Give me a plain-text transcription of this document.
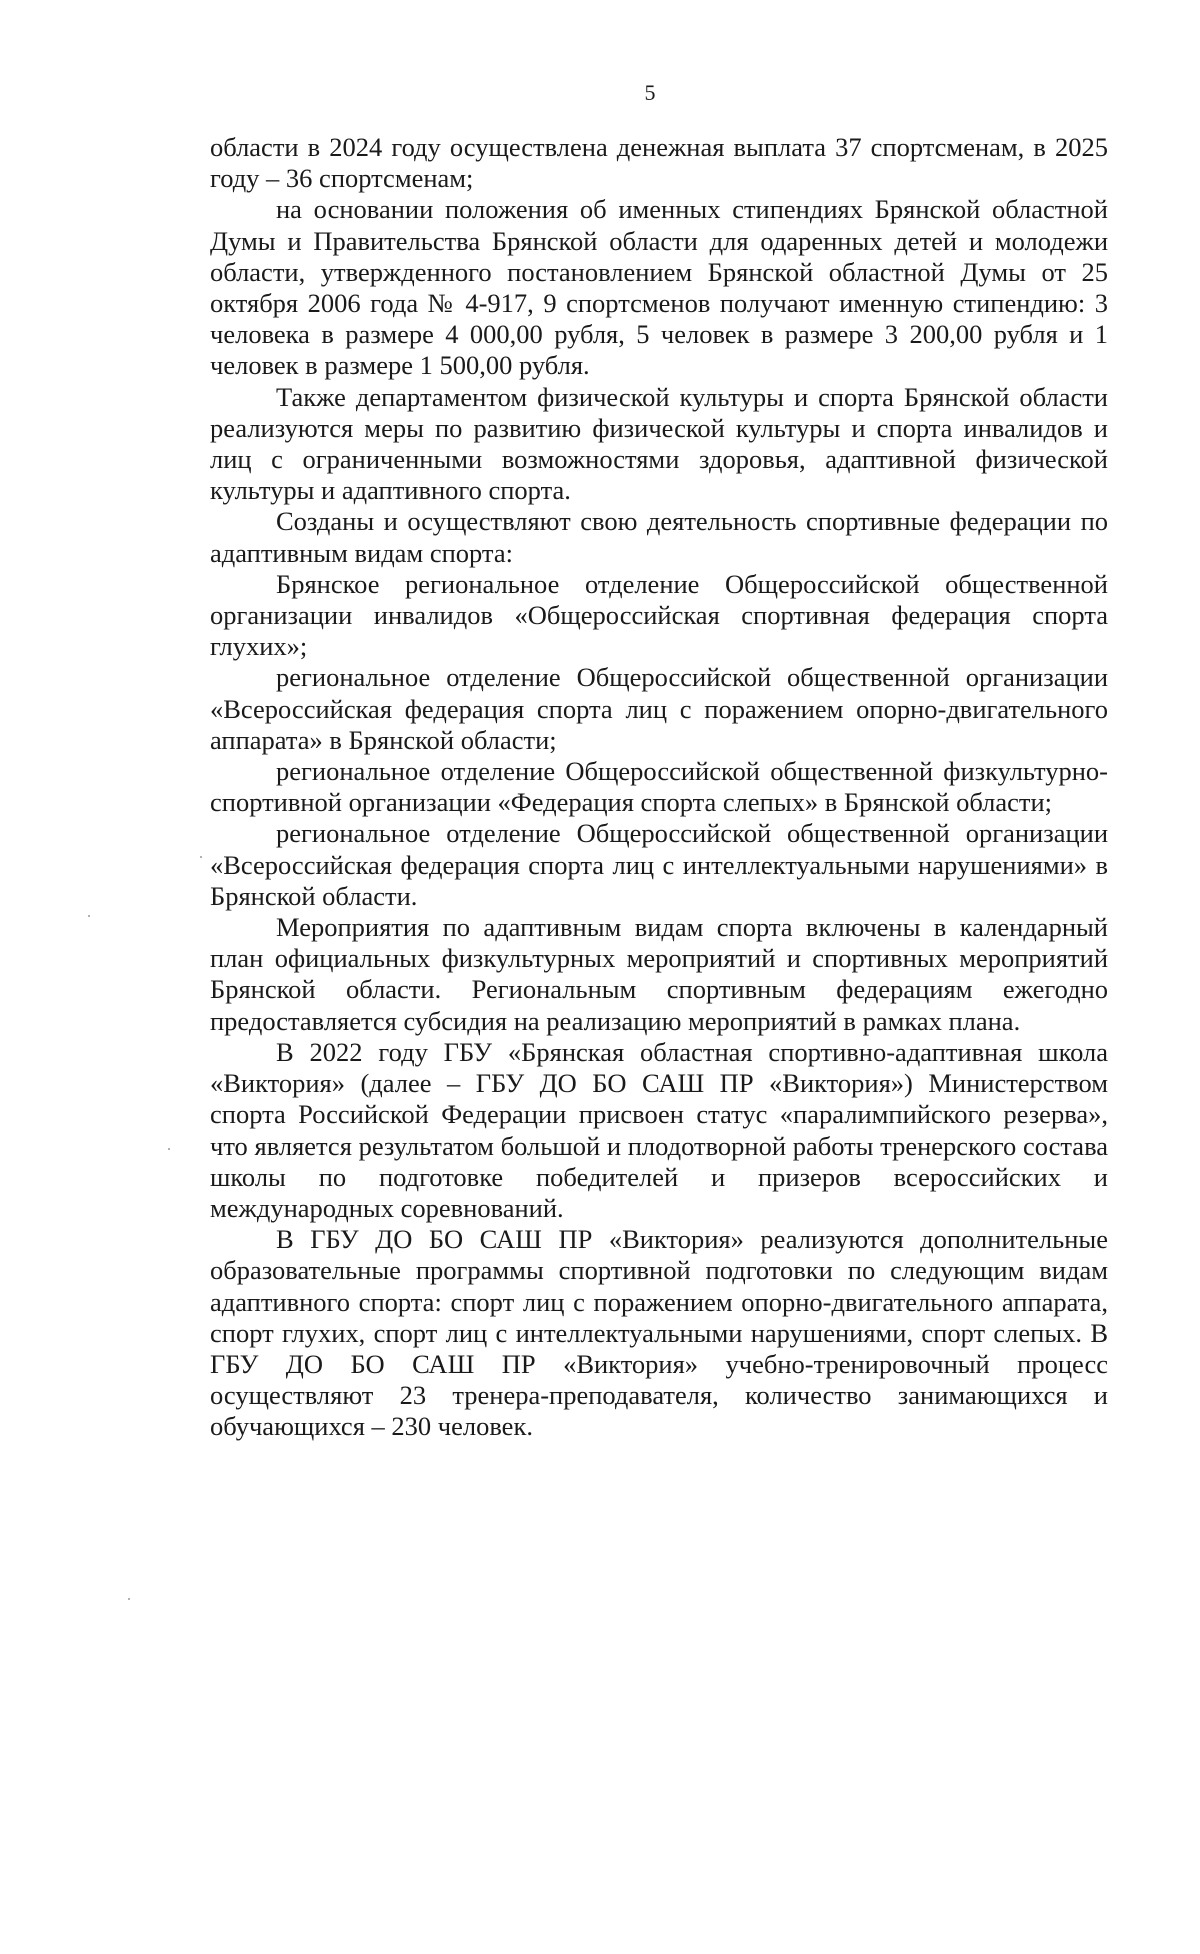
5

области в 2024 году осуществлена денежная выплата 37 спортсменам, в 2025 году – 36 спортсменам;

на основании положения об именных стипендиях Брянской областной Думы и Правительства Брянской области для одаренных детей и молодежи области, утвержденного постановлением Брянской областной Думы от 25 октября 2006 года № 4-917, 9 спортсменов получают именную стипендию: 3 человека в размере 4 000,00 рубля, 5 человек в размере 3 200,00 рубля и 1 человек в размере 1 500,00 рубля.

Также департаментом физической культуры и спорта Брянской области реализуются меры по развитию физической культуры и спорта инвалидов и лиц с ограниченными возможностями здоровья, адаптивной физической культуры и адаптивного спорта.

Созданы и осуществляют свою деятельность спортивные федерации по адаптивным видам спорта:

Брянское региональное отделение Общероссийской общественной организации инвалидов «Общероссийская спортивная федерация спорта глухих»;

региональное отделение Общероссийской общественной организации «Всероссийская федерация спорта лиц с поражением опорно-двигательного аппарата» в Брянской области;

региональное отделение Общероссийской общественной физкультурно-спортивной организации «Федерация спорта слепых» в Брянской области;

региональное отделение Общероссийской общественной организации «Всероссийская федерация спорта лиц с интеллектуальными нарушениями» в Брянской области.

Мероприятия по адаптивным видам спорта включены в календарный план официальных физкультурных мероприятий и спортивных мероприятий Брянской области. Региональным спортивным федерациям ежегодно предоставляется субсидия на реализацию мероприятий в рамках плана.

В 2022 году ГБУ «Брянская областная спортивно-адаптивная школа «Виктория» (далее – ГБУ ДО БО САШ ПР «Виктория») Министерством спорта Российской Федерации присвоен статус «паралимпийского резерва», что является результатом большой и плодотворной работы тренерского состава школы по подготовке победителей и призеров всероссийских и международных соревнований.

В ГБУ ДО БО САШ ПР «Виктория» реализуются дополнительные образовательные программы спортивной подготовки по следующим видам адаптивного спорта: спорт лиц с поражением опорно-двигательного аппарата, спорт глухих, спорт лиц с интеллектуальными нарушениями, спорт слепых. В ГБУ ДО БО САШ ПР «Виктория» учебно-тренировочный процесс осуществляют 23 тренера-преподавателя, количество занимающихся и обучающихся – 230 человек.
